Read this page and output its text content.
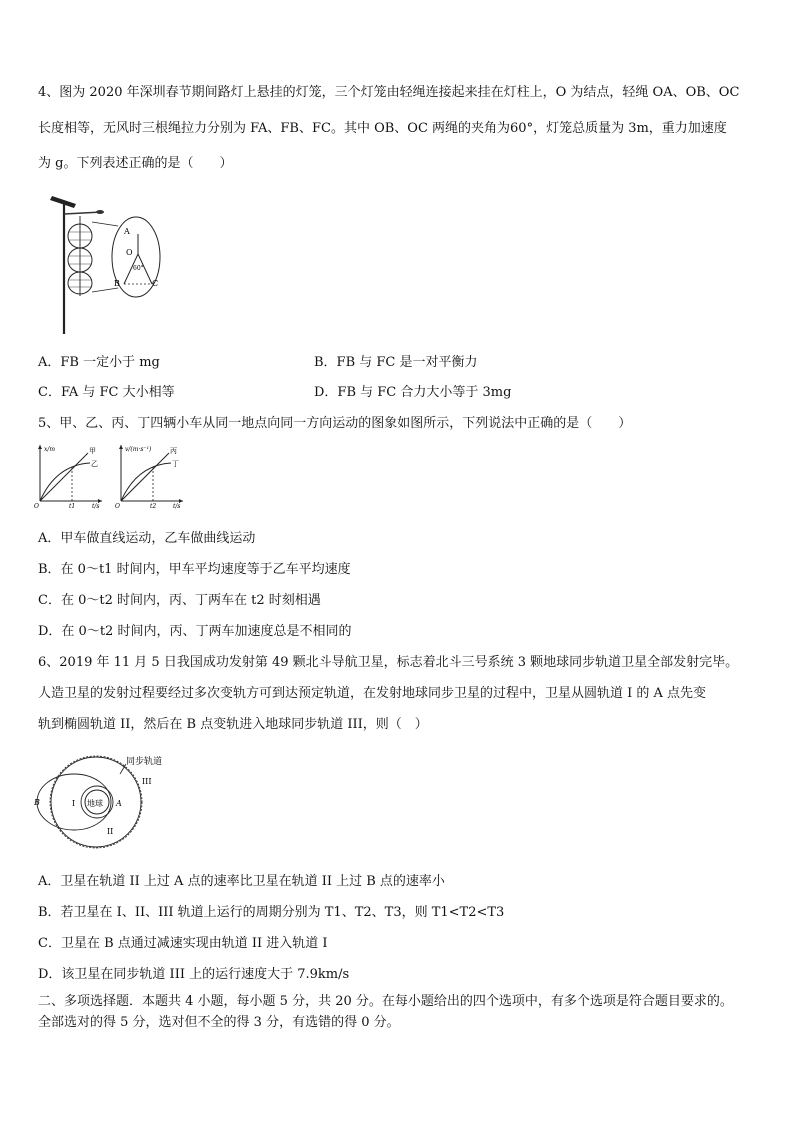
4、图为 2020 年深圳春节期间路灯上悬挂的灯笼，三个灯笼由轻绳连接起来挂在灯柱上，O 为结点，轻绳 OA、OB、OC
长度相等，无风时三根绳拉力分别为 FA、FB、FC。其中 OB、OC 两绳的夹角为60°，灯笼总质量为 3m，重力加速度
为 g。下列表述正确的是（　　）
A
O
60°
B	C
A．FB 一定小于 mg	B．FB 与 FC 是一对平衡力
C．FA 与 FC 大小相等	D．FB 与 FC 合力大小等于 3mg
5、甲、乙、丙、丁四辆小车从同一地点向同一方向运动的图象如图所示，下列说法中正确的是（　　）
x/m	甲
乙
O	t1	t/s
v/(m·s⁻¹)	丙
丁
O	t2	t/s
A．甲车做直线运动，乙车做曲线运动
B．在 0～t1 时间内，甲车平均速度等于乙车平均速度
C．在 0～t2 时间内，丙、丁两车在 t2 时刻相遇
D．在 0～t2 时间内，丙、丁两车加速度总是不相同的
6、2019 年 11 月 5 日我国成功发射第 49 颗北斗导航卫星，标志着北斗三号系统 3 颗地球同步轨道卫星全部发射完毕。
人造卫星的发射过程要经过多次变轨方可到达预定轨道，在发射地球同步卫星的过程中，卫星从圆轨道 I 的 A 点先变
轨到椭圆轨道 II，然后在 B 点变轨进入地球同步轨道 III，则（　）
地球
I
II
III
A
B
同步轨道
A．卫星在轨道 II 上过 A 点的速率比卫星在轨道 II 上过 B 点的速率小
B．若卫星在 I、II、III 轨道上运行的周期分别为 T1、T2、T3，则 T1<T2<T3
C．卫星在 B 点通过减速实现由轨道 II 进入轨道 I
D．该卫星在同步轨道 III 上的运行速度大于 7.9km/s
二、多项选择题．本题共 4 小题，每小题 5 分，共 20 分。在每小题给出的四个选项中，有多个选项是符合题目要求的。
全部选对的得 5 分，选对但不全的得 3 分，有选错的得 0 分。
